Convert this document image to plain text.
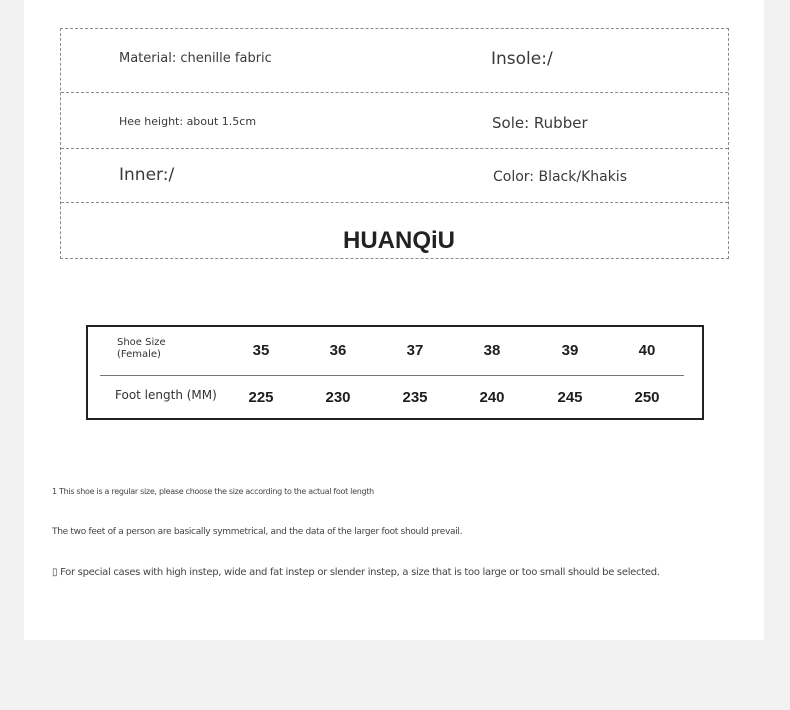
Material: chenille fabric	Insole:/
Hee height: about 1.5cm	Sole: Rubber
Inner:/	Color: Black/Khakis
HUANQiU
Shoe Size
(Female)	35	36	37	38	39	40
Foot length (MM)	225	230	235	240	245	250

1 This shoe is a regular size, please choose the size according to the actual foot length

The two feet of a person are basically symmetrical, and the data of the larger foot should prevail.

▯ For special cases with high instep, wide and fat instep or slender instep, a size that is too large or too small should be selected.
